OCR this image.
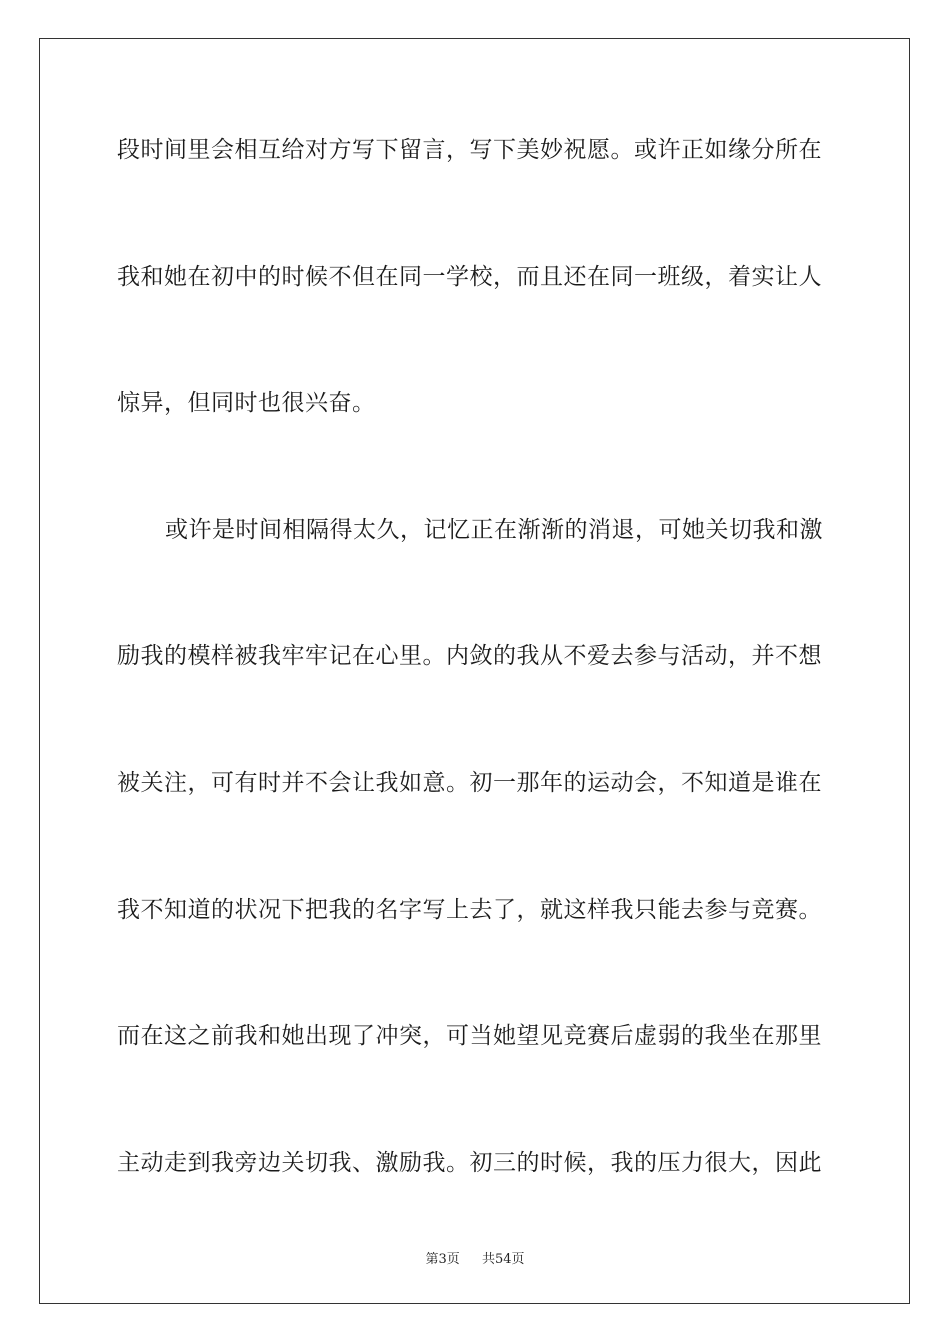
段时间里会相互给对方写下留言，写下美妙祝愿。或许正如缘分所在
我和她在初中的时候不但在同一学校，而且还在同一班级，着实让人
惊异，但同时也很兴奋。
或许是时间相隔得太久，记忆正在渐渐的消退，可她关切我和激
励我的模样被我牢牢记在心里。内敛的我从不爱去参与活动，并不想
被关注，可有时并不会让我如意。初一那年的运动会，不知道是谁在
我不知道的状况下把我的名字写上去了，就这样我只能去参与竞赛。
而在这之前我和她出现了冲突，可当她望见竞赛后虚弱的我坐在那里
主动走到我旁边关切我、激励我。初三的时候，我的压力很大，因此
第3页 共54页
